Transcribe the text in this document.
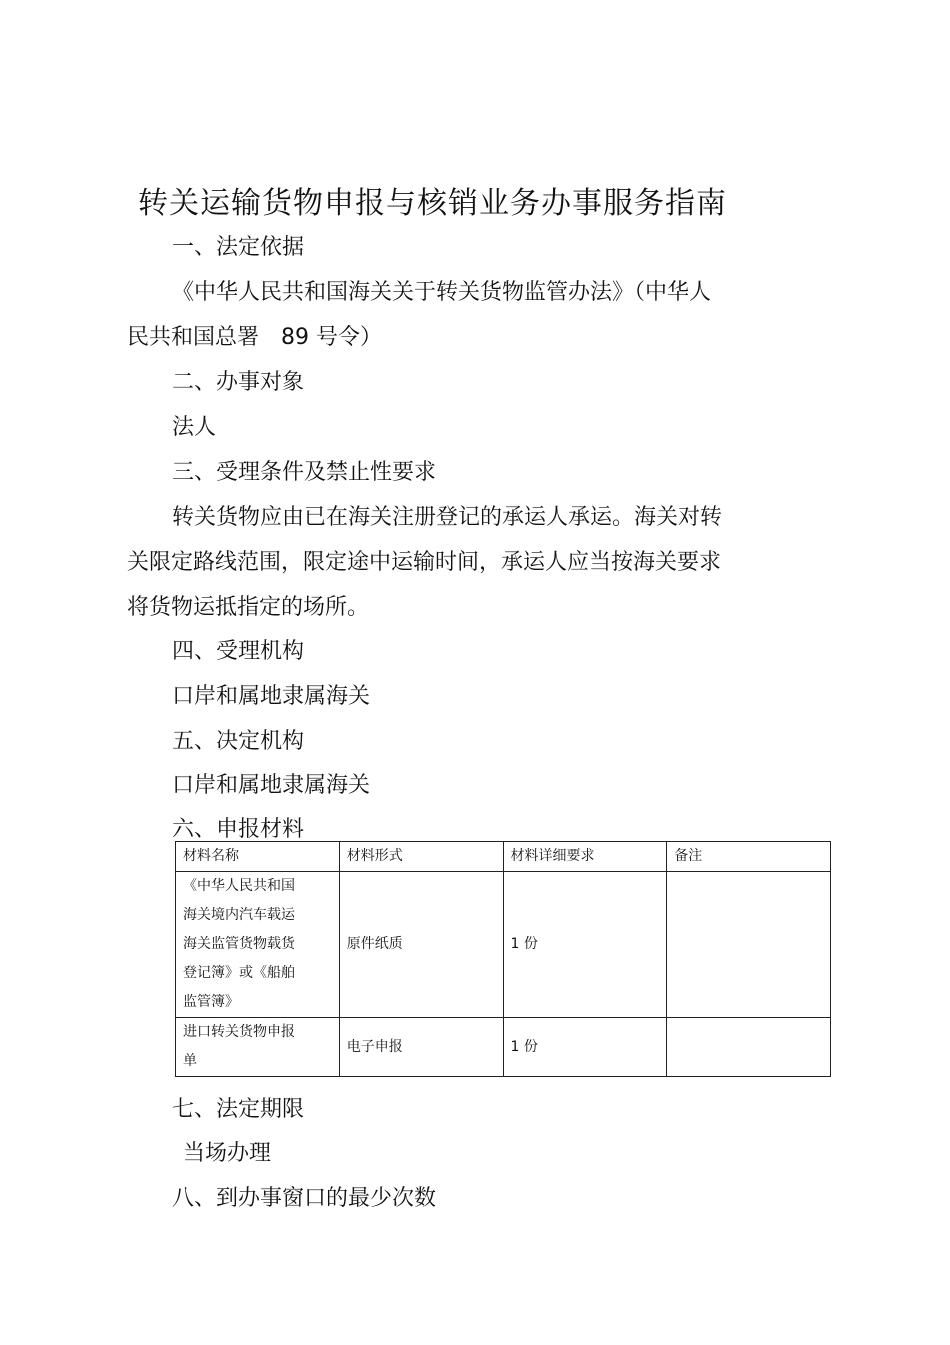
转关运输货物申报与核销业务办事服务指南
一、法定依据
《中华人民共和国海关关于转关货物监管办法》（中华人
民共和国总署　89 号令）
二、办事对象
法人
三、受理条件及禁止性要求
转关货物应由已在海关注册登记的承运人承运。海关对转
关限定路线范围，限定途中运输时间，承运人应当按海关要求
将货物运抵指定的场所。
四、受理机构
口岸和属地隶属海关
五、决定机构
口岸和属地隶属海关
六、申报材料
材料名称	材料形式	材料详细要求	备注

《中华人民共和国
海关境内汽车载运
海关监管货物载货
登记簿》或《船舶
监管簿》	原件纸质	1 份	

进口转关货物申报
单	电子申报	1 份	
七、法定期限
当场办理
八、到办事窗口的最少次数
